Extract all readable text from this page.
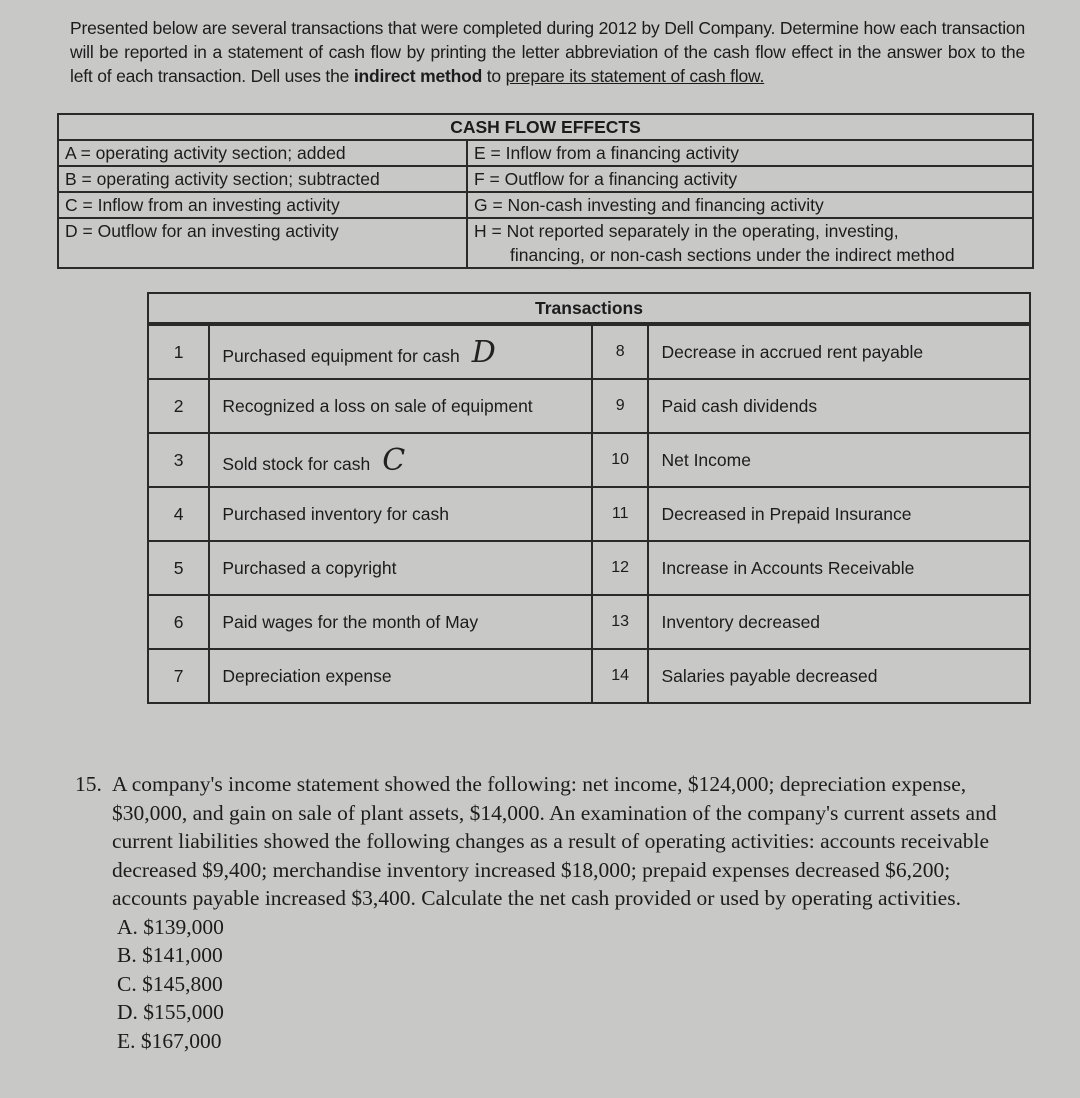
Presented below are several transactions that were completed during 2012 by Dell Company. Determine how each transaction will be reported in a statement of cash flow by printing the letter abbreviation of the cash flow effect in the answer box to the left of each transaction. Dell uses the indirect method to prepare its statement of cash flow.
CASH FLOW EFFECTS	
A = operating activity section; added	E = Inflow from a financing activity
B = operating activity section; subtracted	F = Outflow for a financing activity
C = Inflow from an investing activity	G = Non-cash investing and financing activity
D = Outflow for an investing activity	H = Not reported separately in the operating, investing,
financing, or non-cash sections under the indirect method
Transactions			
1	Purchased equipment for cash D	8	Decrease in accrued rent payable
2	Recognized a loss on sale of equipment	9	Paid cash dividends
3	Sold stock for cash C	10	Net Income
4	Purchased inventory for cash	11	Decreased in Prepaid Insurance
5	Purchased a copyright	12	Increase in Accounts Receivable
6	Paid wages for the month of May	13	Inventory decreased
7	Depreciation expense	14	Salaries payable decreased
15. A company's income statement showed the following: net income, $124,000; depreciation expense, $30,000, and gain on sale of plant assets, $14,000. An examination of the company's current assets and current liabilities showed the following changes as a result of operating activities: accounts receivable decreased $9,400; merchandise inventory increased $18,000; prepaid expenses decreased $6,200; accounts payable increased $3,400. Calculate the net cash provided or used by operating activities.
A. $139,000
B. $141,000
C. $145,800
D. $155,000
E. $167,000
